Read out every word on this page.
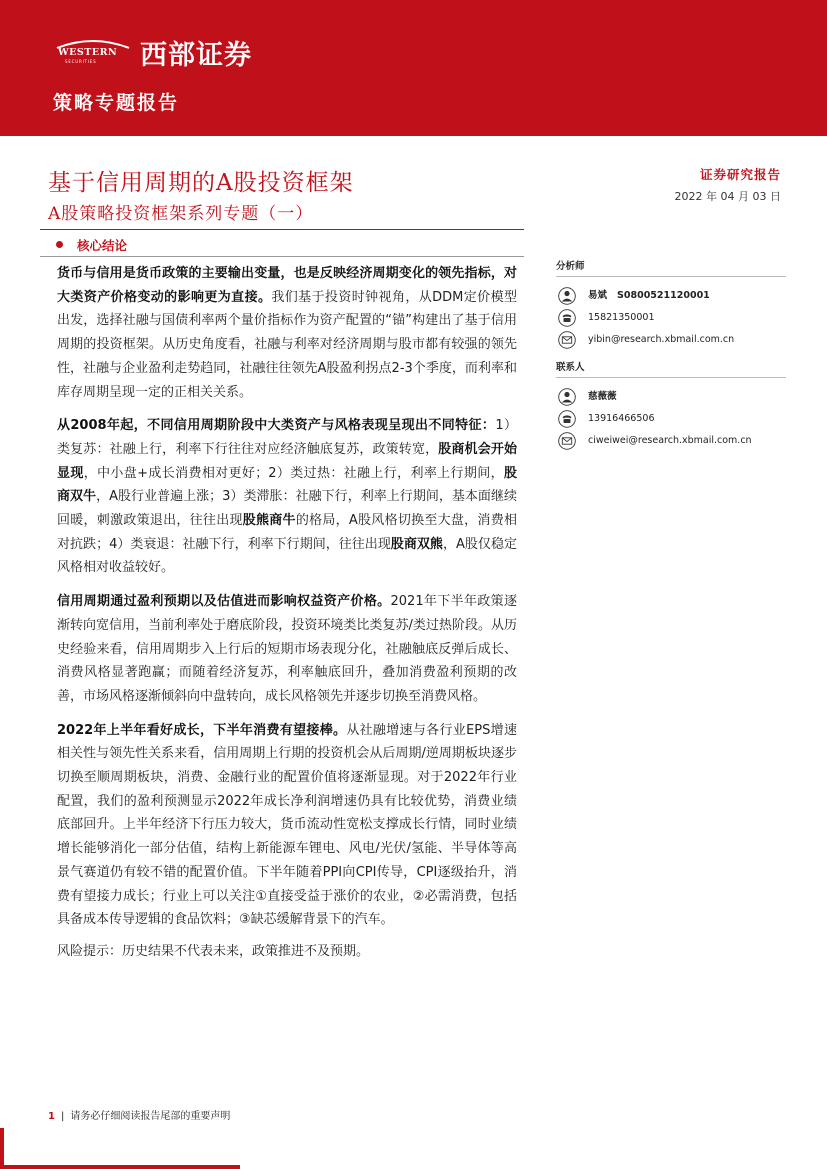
WESTERN
SECURITIES 西部证券
策略专题报告
基于信用周期的A股投资框架
A股策略投资框架系列专题（一）
证券研究报告
2022 年 04 月 03 日
核心结论

货币与信用是货币政策的主要输出变量，也是反映经济周期变化的领先指标，对大类资产价格变动的影响更为直接。我们基于投资时钟视角，从DDM定价模型出发，选择社融与国债利率两个量价指标作为资产配置的“锚”构建出了基于信用周期的投资框架。从历史角度看，社融与利率对经济周期与股市都有较强的领先性，社融与企业盈利走势趋同，社融往往领先A股盈利拐点2-3个季度，而利率和库存周期呈现一定的正相关关系。

从2008年起，不同信用周期阶段中大类资产与风格表现呈现出不同特征：1）类复苏：社融上行，利率下行往往对应经济触底复苏，政策转宽，股商机会开始显现，中小盘+成长消费相对更好；2）类过热：社融上行，利率上行期间，股商双牛，A股行业普遍上涨；3）类滞胀：社融下行，利率上行期间，基本面继续回暖，刺激政策退出，往往出现股熊商牛的格局，A股风格切换至大盘，消费相对抗跌；4）类衰退：社融下行，利率下行期间，往往出现股商双熊，A股仅稳定风格相对收益较好。

信用周期通过盈利预期以及估值进而影响权益资产价格。2021年下半年政策逐渐转向宽信用，当前利率处于磨底阶段，投资环境类比类复苏/类过热阶段。从历史经验来看，信用周期步入上行后的短期市场表现分化，社融触底反弹后成长、消费风格显著跑赢；而随着经济复苏，利率触底回升，叠加消费盈利预期的改善，市场风格逐渐倾斜向中盘转向，成长风格领先并逐步切换至消费风格。

2022年上半年看好成长，下半年消费有望接棒。从社融增速与各行业EPS增速相关性与领先性关系来看，信用周期上行期的投资机会从后周期/逆周期板块逐步切换至顺周期板块，消费、金融行业的配置价值将逐渐显现。对于2022年行业配置，我们的盈利预测显示2022年成长净利润增速仍具有比较优势，消费业绩底部回升。上半年经济下行压力较大，货币流动性宽松支撑成长行情，同时业绩增长能够消化一部分估值，结构上新能源车锂电、风电/光伏/氢能、半导体等高景气赛道仍有较不错的配置价值。下半年随着PPI向CPI传导，CPI逐级抬升，消费有望接力成长；行业上可以关注①直接受益于涨价的农业，②必需消费，包括具备成本传导逻辑的食品饮料；③缺芯缓解背景下的汽车。

风险提示：历史结果不代表未来，政策推进不及预期。

分析师
易斌 S0800521120001
15821350001
yibin@research.xbmail.com.cn
联系人
慈薇薇
13916466506
ciweiwei@research.xbmail.com.cn
1 | 请务必仔细阅读报告尾部的重要声明
